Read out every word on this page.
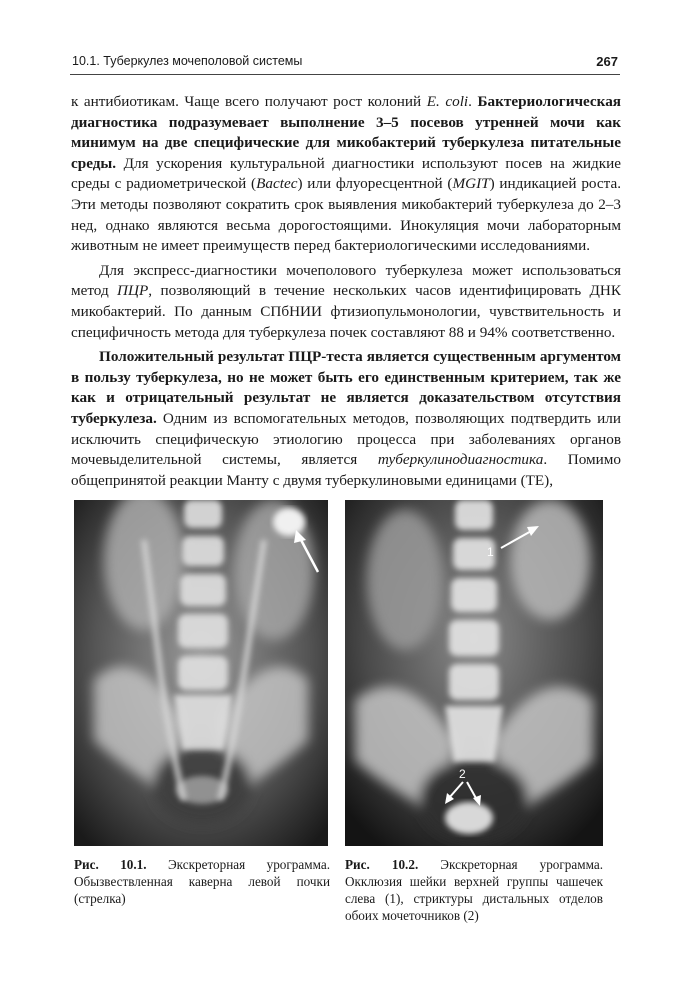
10.1. Туберкулез мочеполовой системы	267

к антибиотикам. Чаще всего получают рост колоний E. coli. Бактериологическая диагностика подразумевает выполнение 3–5 посевов утренней мочи как минимум на две специфические для микобактерий туберкулеза питательные среды. Для ускорения культуральной диагностики используют посев на жидкие среды с радиометрической (Bactec) или флуоресцентной (MGIT) индикацией роста. Эти методы позволяют сократить срок выявления микобактерий туберкулеза до 2–3 нед, однако являются весьма дорогостоящими. Инокуляция мочи лабораторным животным не имеет преимуществ перед бактериологическими исследованиями.

Для экспресс-диагностики мочеполового туберкулеза может использоваться метод ПЦР, позволяющий в течение нескольких часов идентифицировать ДНК микобактерий. По данным СПбНИИ фтизиопульмонологии, чувствительность и специфичность метода для туберкулеза почек составляют 88 и 94% соответственно.

Положительный результат ПЦР-теста является существенным аргументом в пользу туберкулеза, но не может быть его единственным критерием, так же как и отрицательный результат не является доказательством отсутствия туберкулеза. Одним из вспомогательных методов, позволяющих подтвердить или исключить специфическую этиологию процесса при заболеваниях органов мочевыделительной системы, является туберкулинодиагностика. Помимо общепринятой реакции Манту с двумя туберкулиновыми единицами (ТЕ),

1
2
Рис. 10.1. Экскреторная урограмма. Обызвествленная каверна левой почки (стрелка)
Рис. 10.2. Экскреторная урограмма. Окклюзия шейки верхней группы чашечек слева (1), стриктуры дистальных отделов обоих мочеточников (2)
